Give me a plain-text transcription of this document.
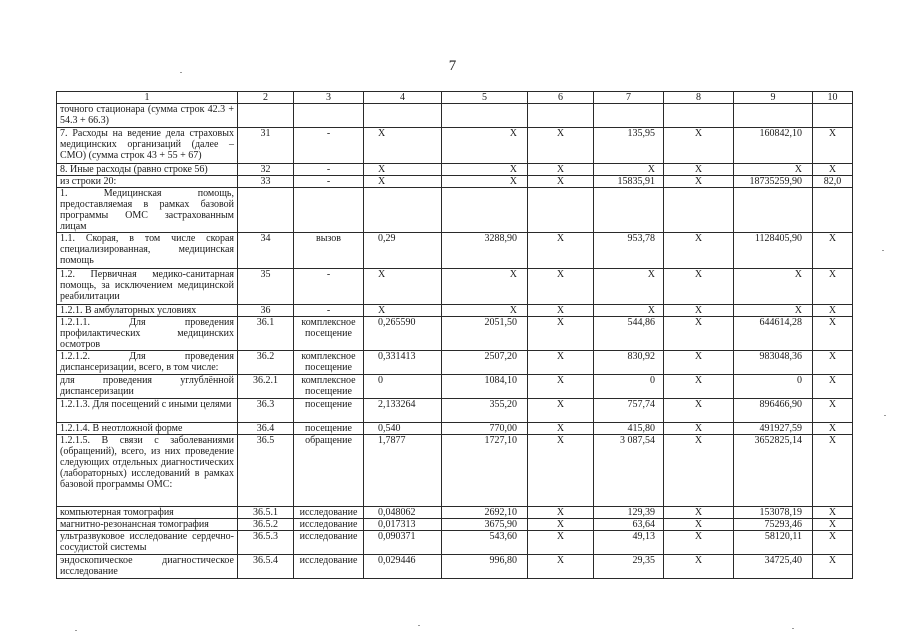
7
1	2	3	4	5	6	7	8	9	10
точного стационара (сумма строк 42.3 + 54.3 + 66.3)									
7. Расходы на ведение дела страховых медицинских организаций (далее – СМО) (сумма строк 43 + 55 + 67)	31	-	X	X	X	135,95	X	160842,10	X
8. Иные расходы (равно строке 56)	32	-	X	X	X	X	X	X	X
из строки 20:	33	-	X	X	X	15835,91	X	18735259,90	82,0
1. Медицинская помощь, предоставляемая в рамках базовой программы ОМС застрахованным лицам									
1.1. Скорая, в том числе скорая специализированная, медицинская помощь	34	вызов	0,29	3288,90	X	953,78	X	1128405,90	X
1.2. Первичная медико-санитарная помощь, за исключением медицинской реабилитации	35	-	X	X	X	X	X	X	X
1.2.1. В амбулаторных условиях	36	-	X	X	X	X	X	X	X
1.2.1.1. Для проведения профилактических медицинских осмотров	36.1	комплексное посещение	0,265590	2051,50	X	544,86	X	644614,28	X
1.2.1.2. Для проведения диспансеризации, всего, в том числе:	36.2	комплексное посещение	0,331413	2507,20	X	830,92	X	983048,36	X
для проведения углублённой диспансеризации	36.2.1	комплексное посещение	0	1084,10	X	0	X	0	X
1.2.1.3. Для посещений с иными целями	36.3	посещение	2,133264	355,20	X	757,74	X	896466,90	X
1.2.1.4. В неотложной форме	36.4	посещение	0,540	770,00	X	415,80	X	491927,59	X
1.2.1.5. В связи с заболеваниями (обращений), всего, из них проведение следующих отдельных диагностических (лабораторных) исследований в рамках базовой программы ОМС:	36.5	обращение	1,7877	1727,10	X	3 087,54	X	3652825,14	X
компьютерная томография	36.5.1	исследование	0,048062	2692,10	X	129,39	X	153078,19	X
магнитно-резонансная томография	36.5.2	исследование	0,017313	3675,90	X	63,64	X	75293,46	X
ультразвуковое исследование сердечно-сосудистой системы	36.5.3	исследование	0,090371	543,60	X	49,13	X	58120,11	X
эндоскопическое диагностическое исследование	36.5.4	исследование	0,029446	996,80	X	29,35	X	34725,40	X
